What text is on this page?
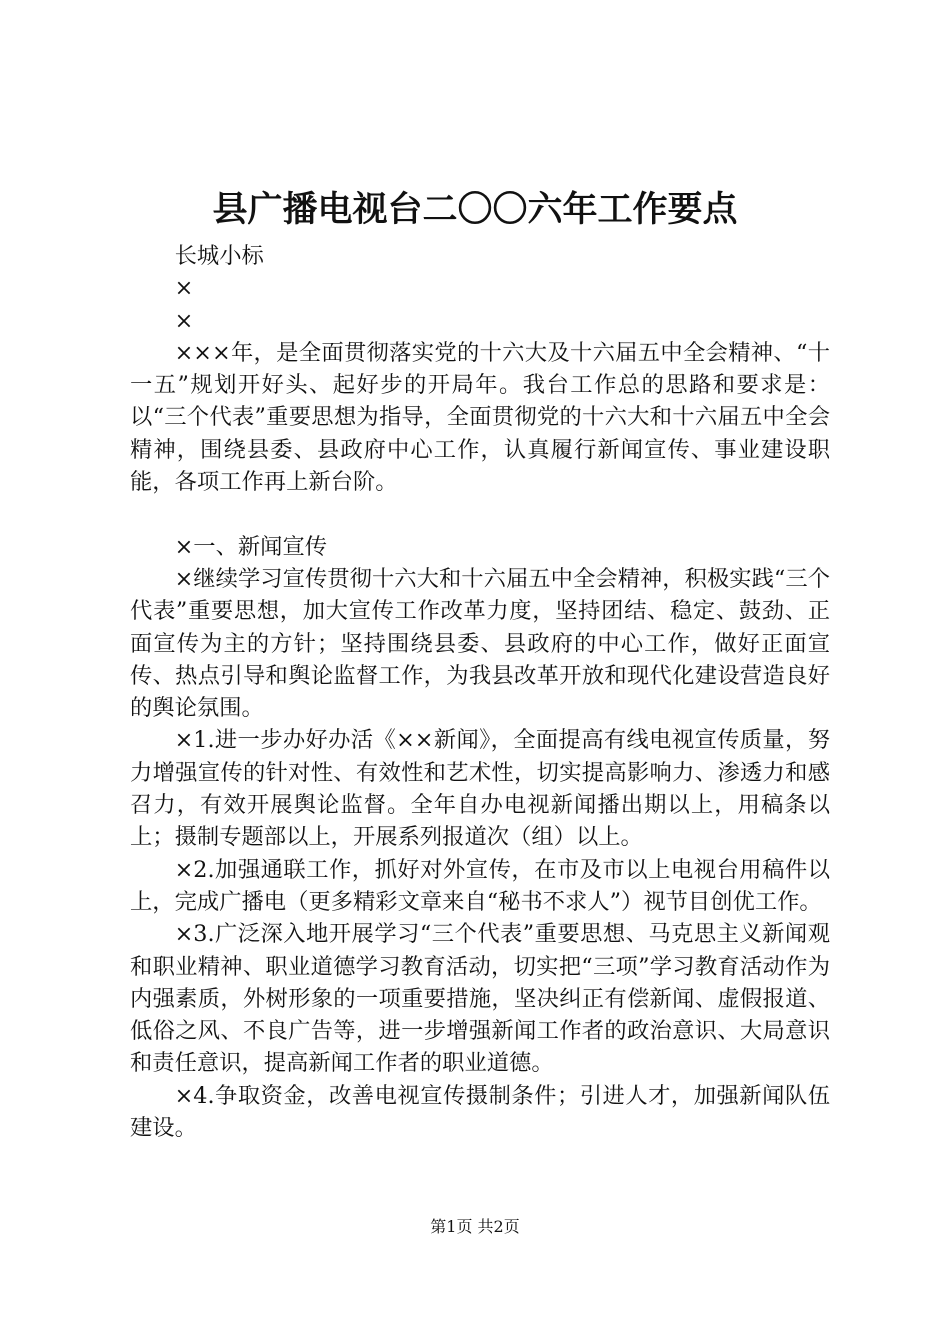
县广播电视台二〇〇六年工作要点

长城小标

×

×

×××年，是全面贯彻落实党的十六大及十六届五中全会精神、“十一五”规划开好头、起好步的开局年。我台工作总的思路和要求是：以“三个代表”重要思想为指导，全面贯彻党的十六大和十六届五中全会精神，围绕县委、县政府中心工作，认真履行新闻宣传、事业建设职能，各项工作再上新台阶。

×一、新闻宣传

×继续学习宣传贯彻十六大和十六届五中全会精神，积极实践“三个代表”重要思想，加大宣传工作改革力度，坚持团结、稳定、鼓劲、正面宣传为主的方针；坚持围绕县委、县政府的中心工作，做好正面宣传、热点引导和舆论监督工作，为我县改革开放和现代化建设营造良好的舆论氛围。

×1.进一步办好办活《××新闻》，全面提高有线电视宣传质量，努力增强宣传的针对性、有效性和艺术性，切实提高影响力、渗透力和感召力，有效开展舆论监督。全年自办电视新闻播出期以上，用稿条以上；摄制专题部以上，开展系列报道次（组）以上。

×2.加强通联工作，抓好对外宣传，在市及市以上电视台用稿件以上，完成广播电（更多精彩文章来自“秘书不求人”）视节目创优工作。

×3.广泛深入地开展学习“三个代表”重要思想、马克思主义新闻观和职业精神、职业道德学习教育活动，切实把“三项”学习教育活动作为内强素质，外树形象的一项重要措施，坚决纠正有偿新闻、虚假报道、低俗之风、不良广告等，进一步增强新闻工作者的政治意识、大局意识和责任意识，提高新闻工作者的职业道德。

×4.争取资金，改善电视宣传摄制条件；引进人才，加强新闻队伍建设。

第1页 共2页
